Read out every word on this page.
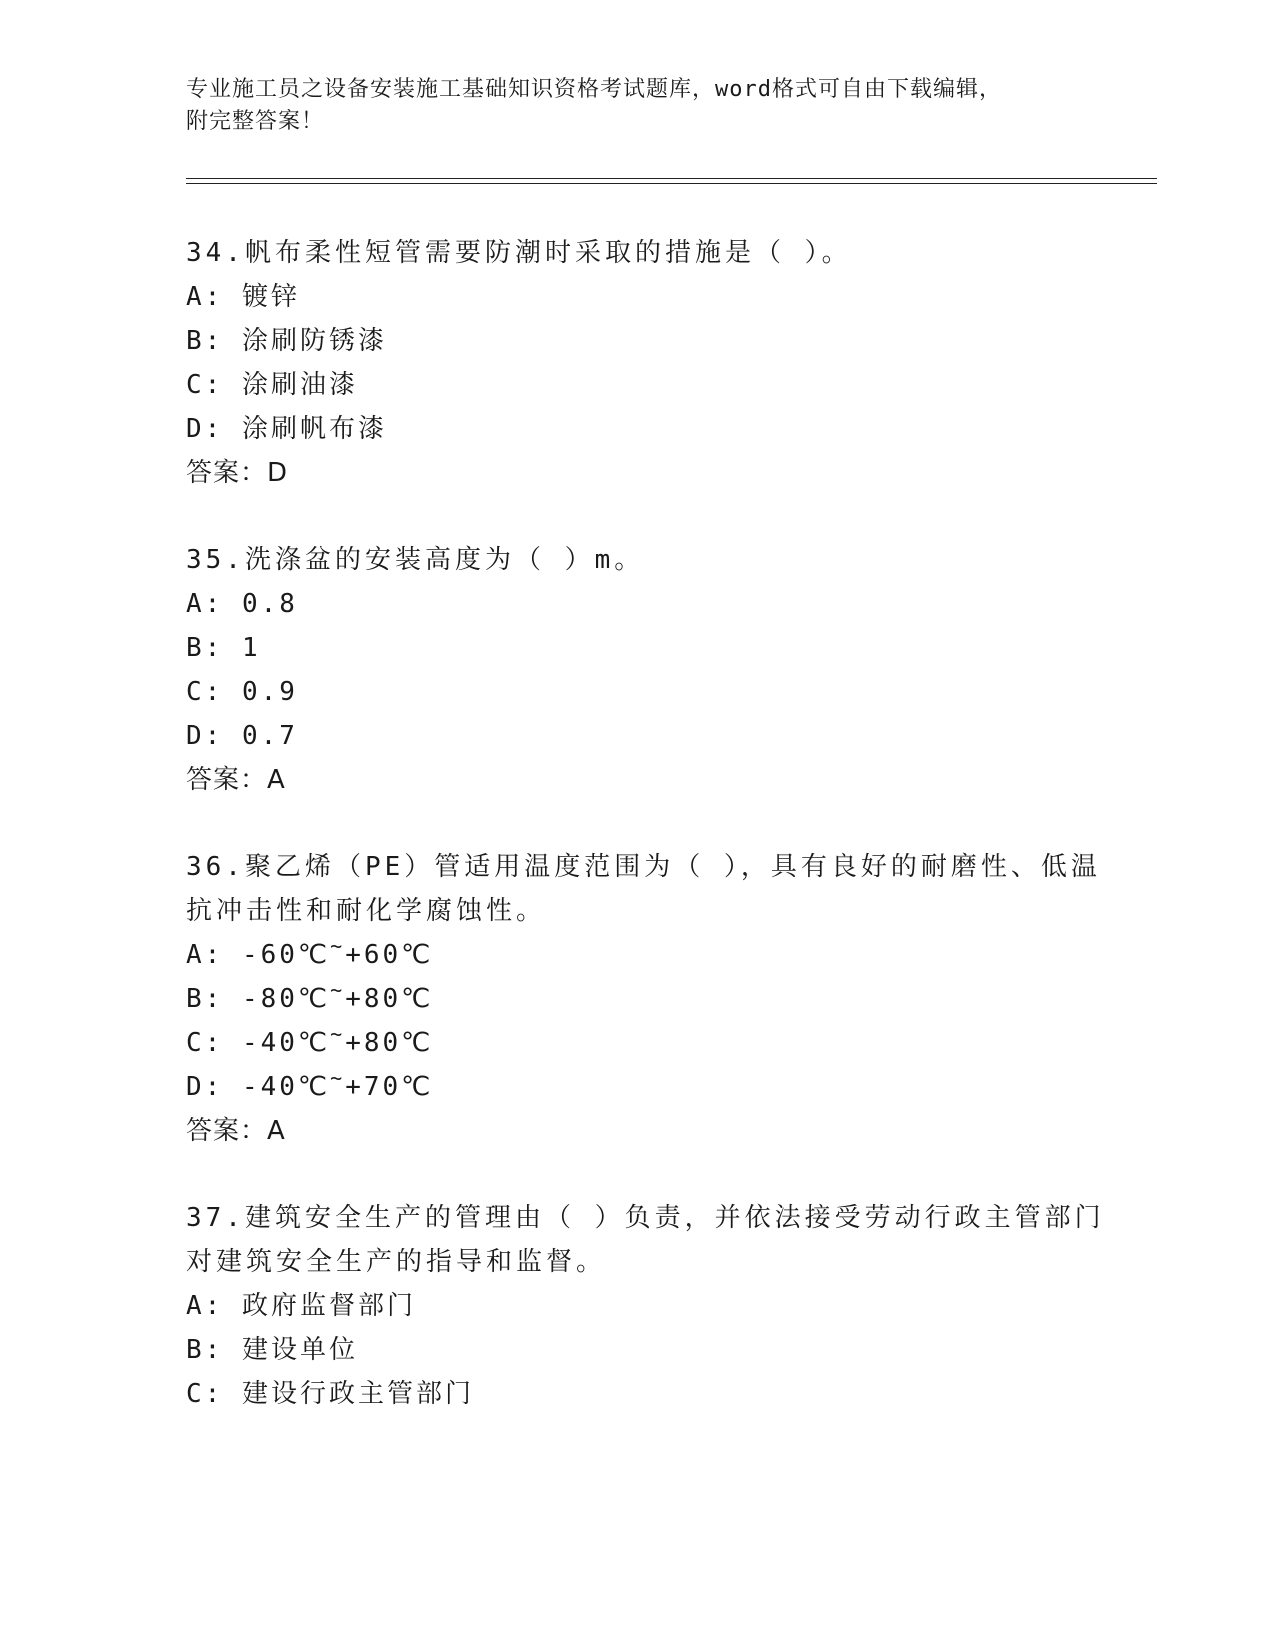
专业施工员之设备安装施工基础知识资格考试题库，word格式可自由下载编辑，
附完整答案！
34.帆布柔性短管需要防潮时采取的措施是（ ）。
A: 镀锌
B: 涂刷防锈漆
C: 涂刷油漆
D: 涂刷帆布漆
答案：D
35.洗涤盆的安装高度为（ ）m。
A: 0.8
B: 1
C: 0.9
D: 0.7
答案：A
36.聚乙烯（PE）管适用温度范围为（ ），具有良好的耐磨性、低温
抗冲击性和耐化学腐蚀性。
A: -60℃~+60℃
B: -80℃~+80℃
C: -40℃~+80℃
D: -40℃~+70℃
答案：A
37.建筑安全生产的管理由（ ）负责，并依法接受劳动行政主管部门
对建筑安全生产的指导和监督。
A: 政府监督部门
B: 建设单位
C: 建设行政主管部门
